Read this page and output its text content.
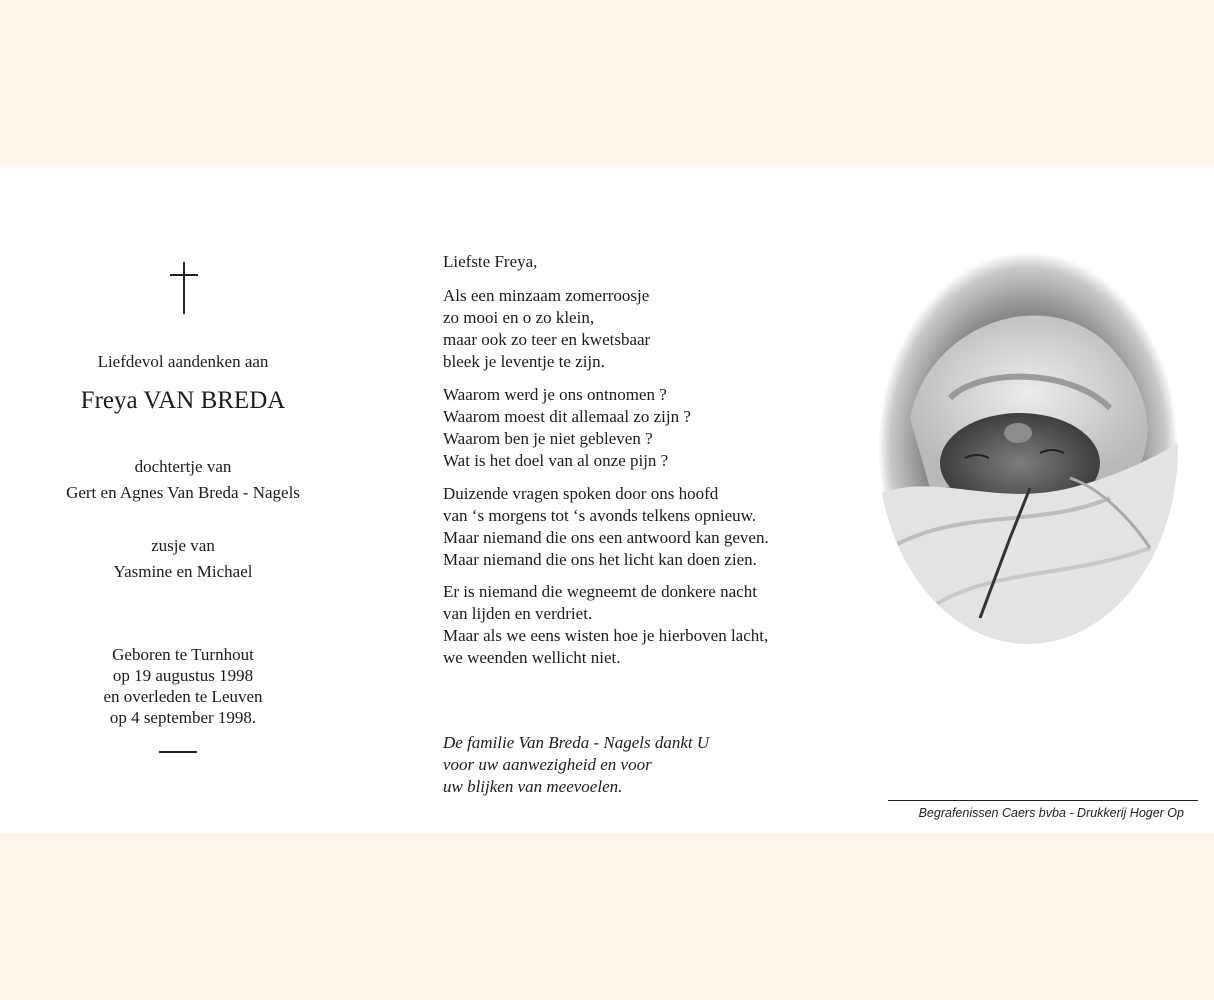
Liefdevol aandenken aan
Freya VAN BREDA
dochtertje van
Gert en Agnes Van Breda - Nagels
zusje van
Yasmine en Michael
Geboren te Turnhout
op 19 augustus 1998
en overleden te Leuven
op 4 september 1998.
Liefste Freya,
Als een minzaam zomerroosje
zo mooi en o zo klein,
maar ook zo teer en kwetsbaar
bleek je leventje te zijn.
Waarom werd je ons ontnomen ?
Waarom moest dit allemaal zo zijn ?
Waarom ben je niet gebleven ?
Wat is het doel van al onze pijn ?
Duizende vragen spoken door ons hoofd
van ‘s morgens tot ‘s avonds telkens opnieuw.
Maar niemand die ons een antwoord kan geven.
Maar niemand die ons het licht kan doen zien.
Er is niemand die wegneemt de donkere nacht
van lijden en verdriet.
Maar als we eens wisten hoe je hierboven lacht,
we weenden wellicht niet.
De familie Van Breda - Nagels dankt U
voor uw aanwezigheid en voor
uw blijken van meevoelen.
Begrafenissen Caers bvba - Drukkerij Hoger Op
